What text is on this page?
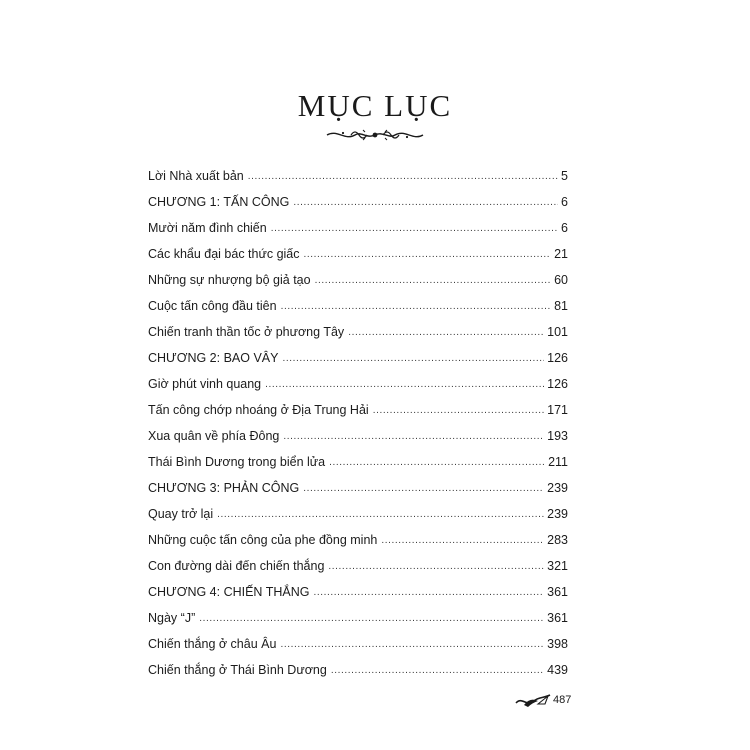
MỤC LỤC
Lời Nhà xuất bản .....	5
CHƯƠNG 1: TẤN CÔNG .....	6
Mười năm đình chiến .....	6
Các khẩu đại bác thức giấc .....	21
Những sự nhượng bộ giả tạo .....	60
Cuộc tấn công đầu tiên .....	81
Chiến tranh thần tốc ở phương Tây .....	101
CHƯƠNG 2: BAO VÂY .....	126
Giờ phút vinh quang .....	126
Tấn công chớp nhoáng ở Địa Trung Hải .....	171
Xua quân về phía Đông .....	193
Thái Bình Dương trong biển lửa .....	211
CHƯƠNG 3: PHẢN CÔNG .....	239
Quay trở lại .....	239
Những cuộc tấn công của phe đồng minh .....	283
Con đường dài đến chiến thắng .....	321
CHƯƠNG 4: CHIẾN THẮNG .....	361
Ngày “J” .....	361
Chiến thắng ở châu Âu .....	398
Chiến thắng ở Thái Bình Dương .....	439
487
